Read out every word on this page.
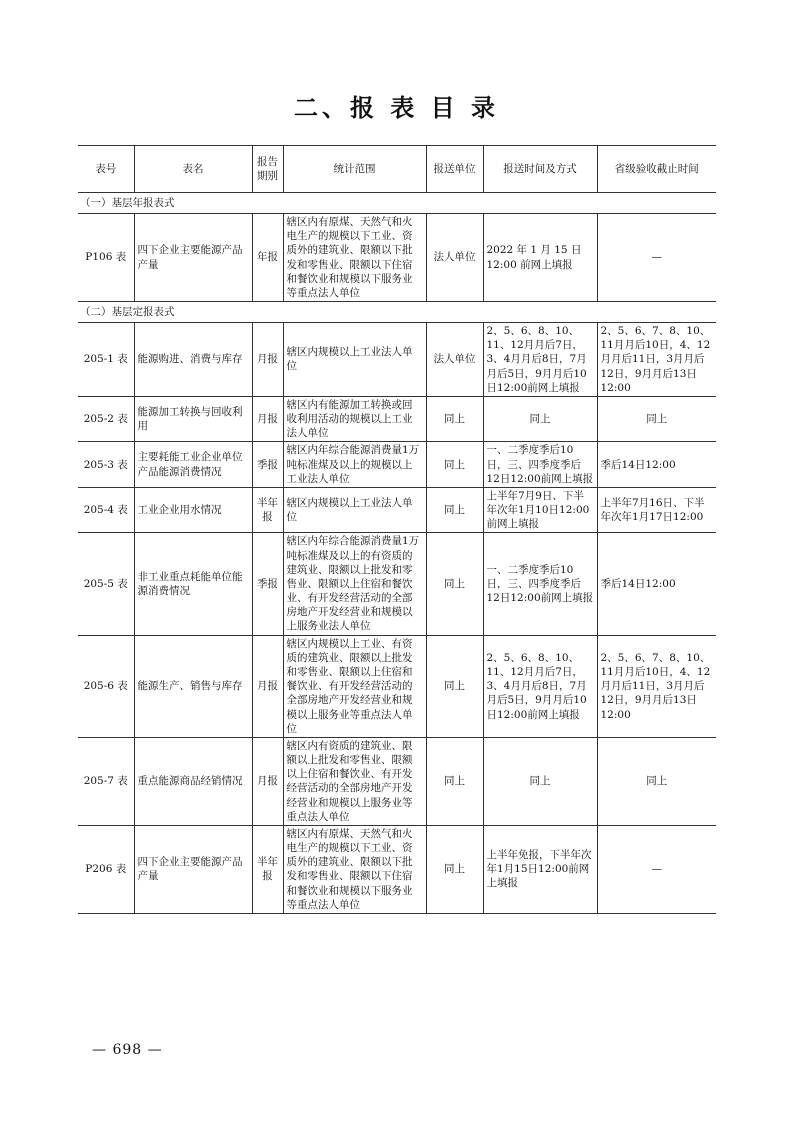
二、报 表 目 录
表号	表名	报告期别	统计范围	报送单位	报送时间及方式	省级验收截止时间
（一）基层年报表式						
P106 表	四下企业主要能源产品产量	年报	辖区内有原煤、天然气和火电生产的规模以下工业、资质外的建筑业、限额以下批发和零售业、限额以下住宿和餐饮业和规模以下服务业等重点法人单位	法人单位	2022 年 1 月 15 日 12:00 前网上填报	—
（二）基层定报表式						
205-1 表	能源购进、消费与库存	月报	辖区内规模以上工业法人单位	法人单位	2、5、6、8、10、11、12月月后7日，3、4月月后8日，7月月后5日，9月月后10日12:00前网上填报	2、5、6、7、8、10、11月月后10日，4、12月月后11日，3月月后12日，9月月后13日12:00
205-2 表	能源加工转换与回收利用	月报	辖区内有能源加工转换或回收利用活动的规模以上工业法人单位	同上	同上	同上
205-3 表	主要耗能工业企业单位产品能源消费情况	季报	辖区内年综合能源消费量1万吨标准煤及以上的规模以上工业法人单位	同上	一、二季度季后10日，三、四季度季后12日12:00前网上填报	季后14日12:00
205-4 表	工业企业用水情况	半年报	辖区内规模以上工业法人单位	同上	上半年7月9日、下半年次年1月10日12:00前网上填报	上半年7月16日、下半年次年1月17日12:00
205-5 表	非工业重点耗能单位能源消费情况	季报	辖区内年综合能源消费量1万吨标准煤及以上的有资质的建筑业、限额以上批发和零售业、限额以上住宿和餐饮业、有开发经营活动的全部房地产开发经营业和规模以上服务业法人单位	同上	一、二季度季后10日，三、四季度季后12日12:00前网上填报	季后14日12:00
205-6 表	能源生产、销售与库存	月报	辖区内规模以上工业、有资质的建筑业、限额以上批发和零售业、限额以上住宿和餐饮业、有开发经营活动的全部房地产开发经营业和规模以上服务业等重点法人单位	同上	2、5、6、8、10、11、12月月后7日，3、4月月后8日，7月月后5日，9月月后10日12:00前网上填报	2、5、6、7、8、10、11月月后10日，4、12月月后11日，3月月后12日，9月月后13日12:00
205-7 表	重点能源商品经销情况	月报	辖区内有资质的建筑业、限额以上批发和零售业、限额以上住宿和餐饮业、有开发经营活动的全部房地产开发经营业和规模以上服务业等重点法人单位	同上	同上	同上
P206 表	四下企业主要能源产品产量	半年报	辖区内有原煤、天然气和火电生产的规模以下工业、资质外的建筑业、限额以下批发和零售业、限额以下住宿和餐饮业和规模以下服务业等重点法人单位	同上	上半年免报，下半年次年1月15日12:00前网上填报	—
— 698 —
